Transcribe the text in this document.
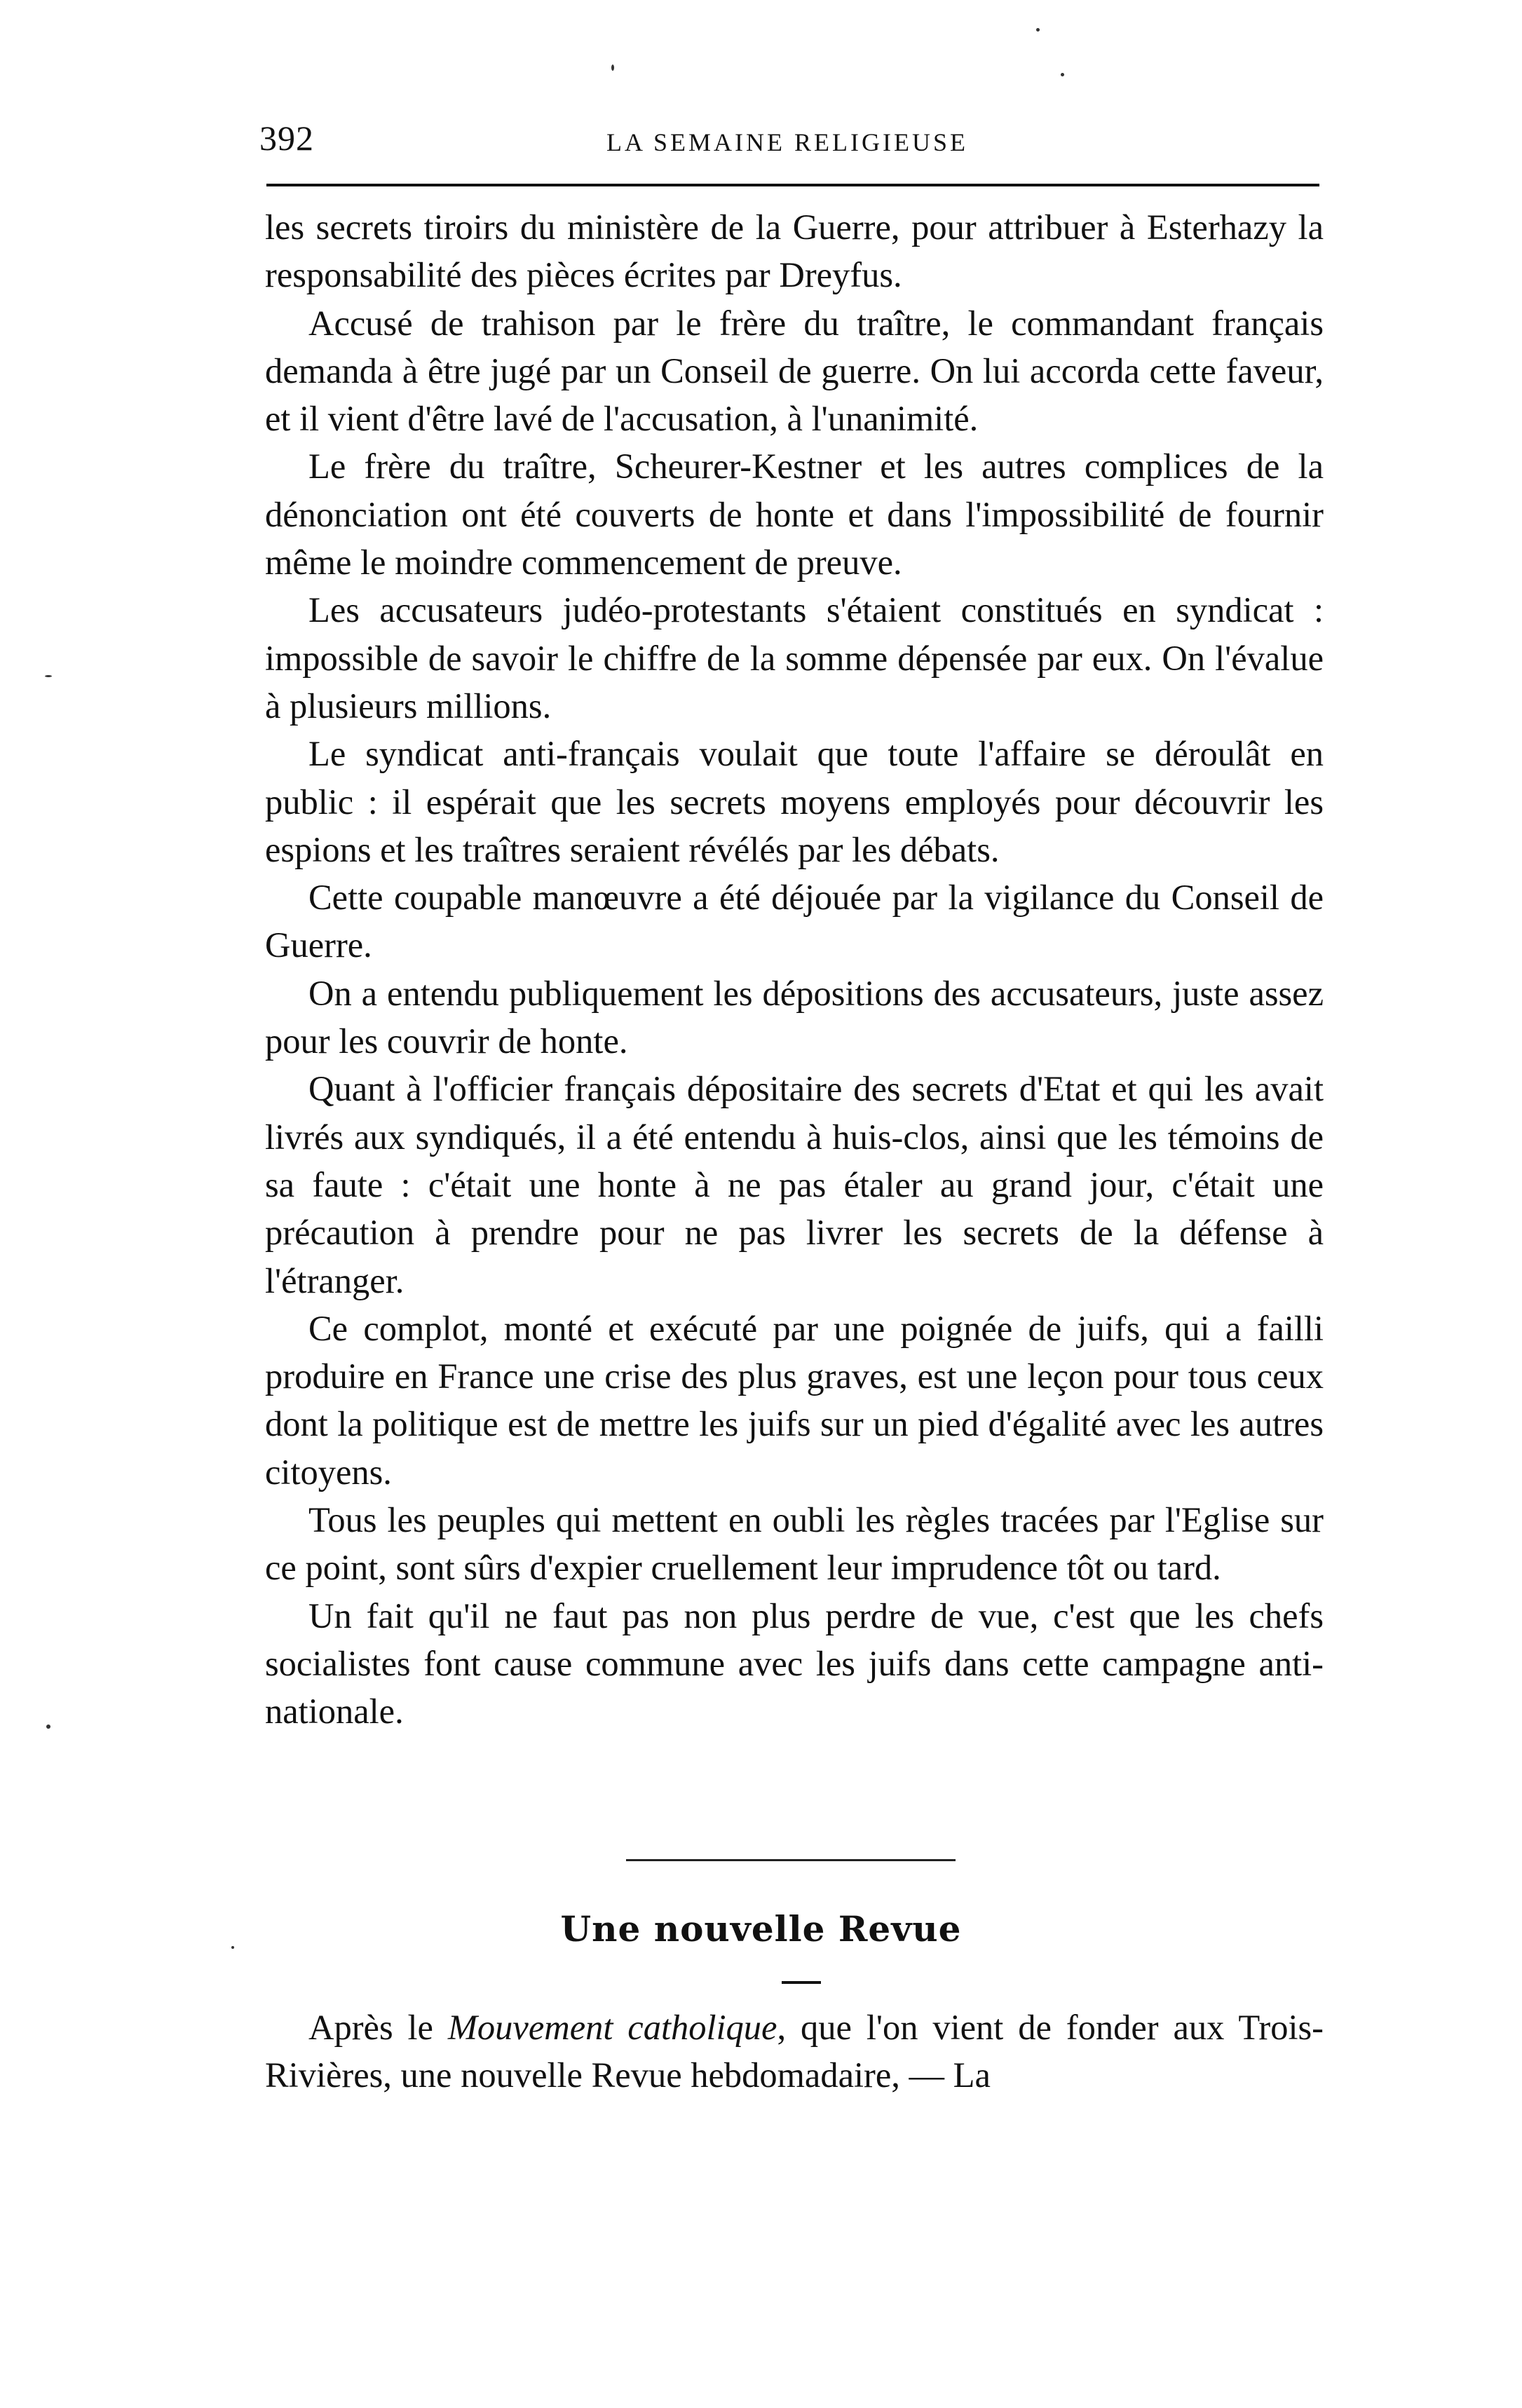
392	LA SEMAINE RELIGIEUSE

les secrets tiroirs du ministère de la Guerre, pour attribuer à Esterhazy la responsabilité des pièces écrites par Dreyfus.

Accusé de trahison par le frère du traître, le commandant français demanda à être jugé par un Conseil de guerre. On lui accorda cette faveur, et il vient d'être lavé de l'accusation, à l'unanimité.

Le frère du traître, Scheurer-Kestner et les autres complices de la dénonciation ont été couverts de honte et dans l'impossibilité de fournir même le moindre commencement de preuve.

Les accusateurs judéo-protestants s'étaient constitués en syndicat : impossible de savoir le chiffre de la somme dépensée par eux. On l'évalue à plusieurs millions.

Le syndicat anti-français voulait que toute l'affaire se déroulât en public : il espérait que les secrets moyens employés pour découvrir les espions et les traîtres seraient révélés par les débats.

Cette coupable manœuvre a été déjouée par la vigilance du Conseil de Guerre.

On a entendu publiquement les dépositions des accusateurs, juste assez pour les couvrir de honte.

Quant à l'officier français dépositaire des secrets d'Etat et qui les avait livrés aux syndiqués, il a été entendu à huis-clos, ainsi que les témoins de sa faute : c'était une honte à ne pas étaler au grand jour, c'était une précaution à prendre pour ne pas livrer les secrets de la défense à l'étranger.

Ce complot, monté et exécuté par une poignée de juifs, qui a failli produire en France une crise des plus graves, est une leçon pour tous ceux dont la politique est de mettre les juifs sur un pied d'égalité avec les autres citoyens.

Tous les peuples qui mettent en oubli les règles tracées par l'Eglise sur ce point, sont sûrs d'expier cruellement leur imprudence tôt ou tard.

Un fait qu'il ne faut pas non plus perdre de vue, c'est que les chefs socialistes font cause commune avec les juifs dans cette campagne anti-nationale.

Une nouvelle Revue

Après le Mouvement catholique, que l'on vient de fonder aux Trois-Rivières, une nouvelle Revue hebdomadaire, — La
